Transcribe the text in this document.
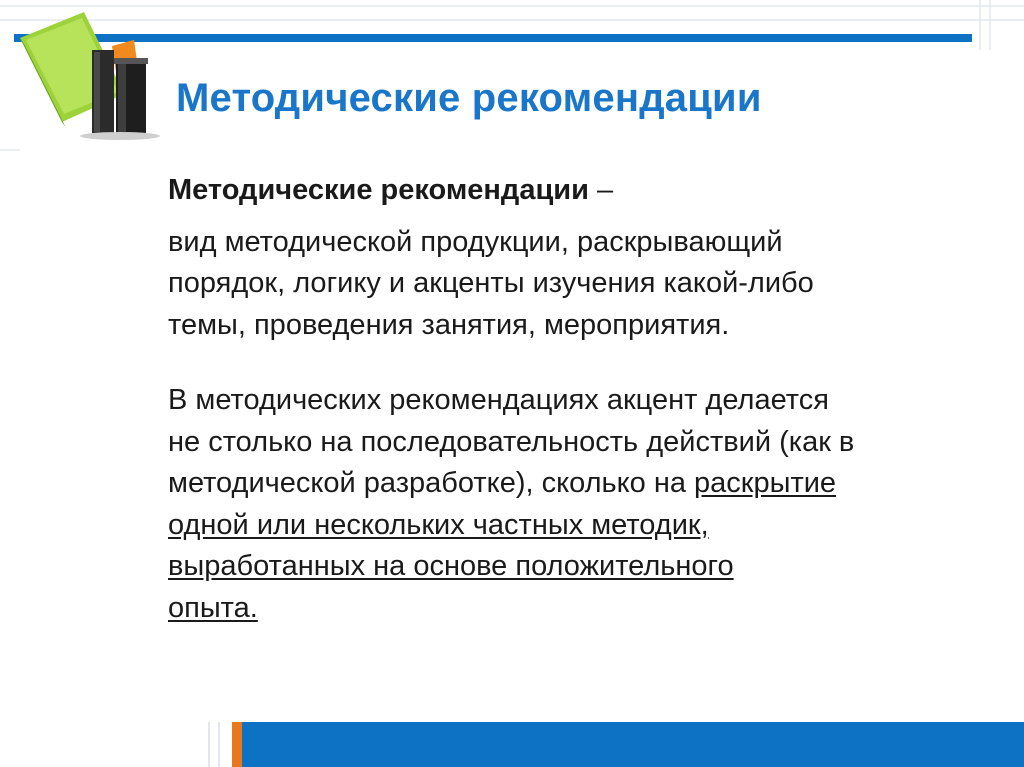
Методические рекомендации

Методические рекомендации –

вид методической продукции, раскрывающий

порядок, логику и акценты изучения какой-либо

темы, проведения занятия, мероприятия.

В методических рекомендациях акцент делается

не столько на последовательность действий (как в

методической разработке), сколько на раскрытие

одной или нескольких частных методик,

выработанных на основе положительного

опыта.
